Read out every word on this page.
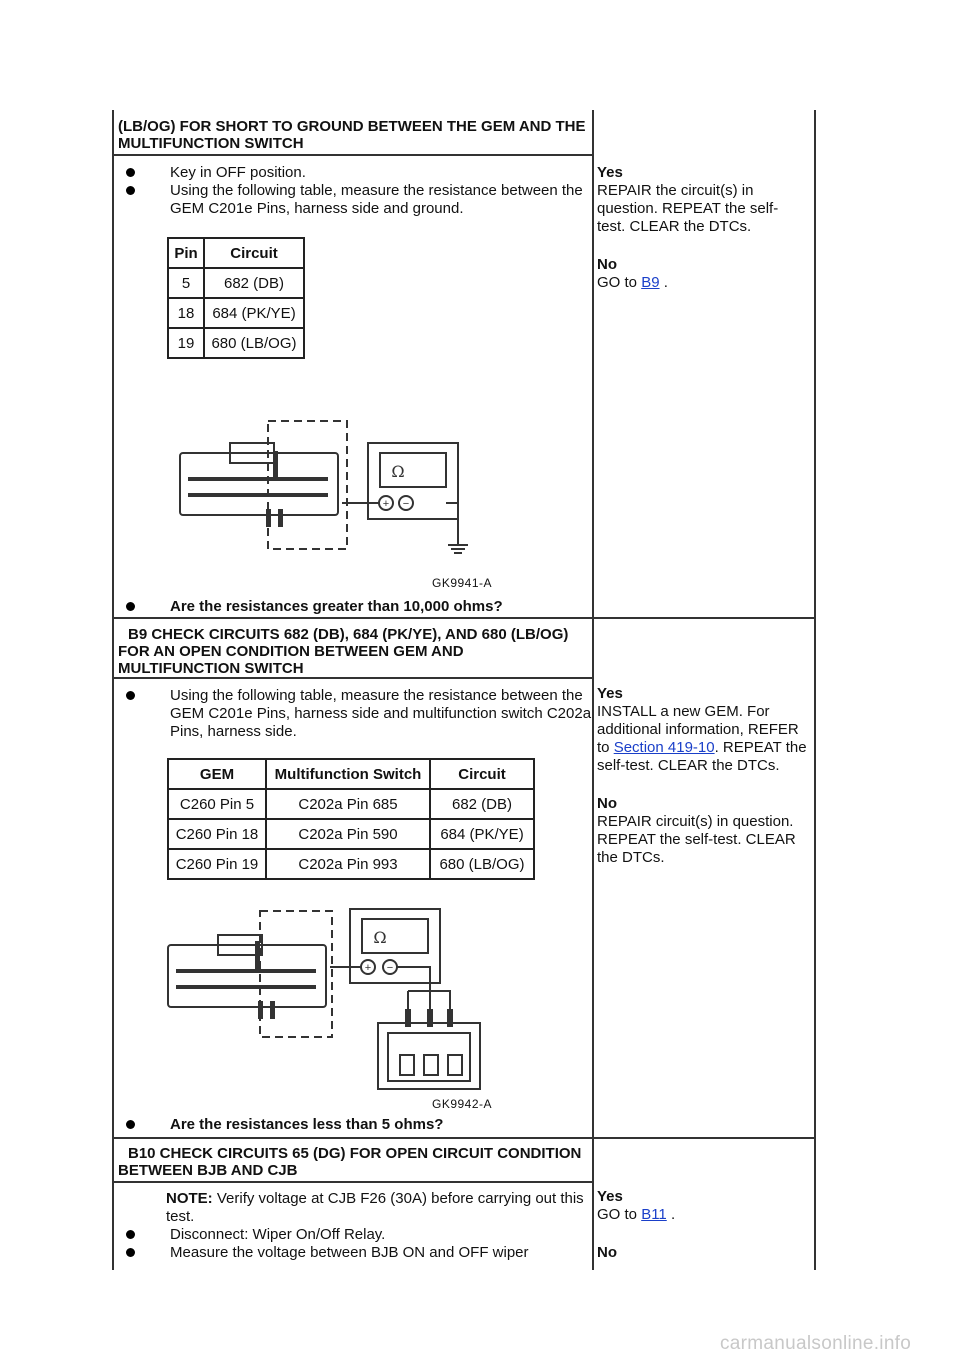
(LB/OG) FOR SHORT TO GROUND BETWEEN THE GEM AND THE MULTIFUNCTION SWITCH
Key in OFF position.
Using the following table, measure the resistance between the GEM C201e Pins, harness side and ground.
Pin	Circuit
5	682 (DB)
18	684 (PK/YE)
19	680 (LB/OG)
Ω
+ −
GK9941-A
Are the resistances greater than 10,000 ohms?
Yes
REPAIR the circuit(s) in question. REPEAT the self-test. CLEAR the DTCs.
No
GO to B9 .
B9 CHECK CIRCUITS 682 (DB), 684 (PK/YE), AND 680 (LB/OG) FOR AN OPEN CONDITION BETWEEN GEM AND MULTIFUNCTION SWITCH
Using the following table, measure the resistance between the GEM C201e Pins, harness side and multifunction switch C202a Pins, harness side.
GEM	Multifunction Switch	Circuit
C260 Pin 5	C202a Pin 685	682 (DB)
C260 Pin 18	C202a Pin 590	684 (PK/YE)
C260 Pin 19	C202a Pin 993	680 (LB/OG)
Ω
+ −
GK9942-A
Are the resistances less than 5 ohms?
Yes
INSTALL a new GEM. For additional information, REFER to Section 419-10. REPEAT the self-test. CLEAR the DTCs.
No
REPAIR circuit(s) in question. REPEAT the self-test. CLEAR the DTCs.
B10 CHECK CIRCUITS 65 (DG) FOR OPEN CIRCUIT CONDITION BETWEEN BJB AND CJB
NOTE: Verify voltage at CJB F26 (30A) before carrying out this test.
Disconnect: Wiper On/Off Relay.
Measure the voltage between BJB ON and OFF wiper
Yes
GO to B11 .
No
carmanualsonline.info
